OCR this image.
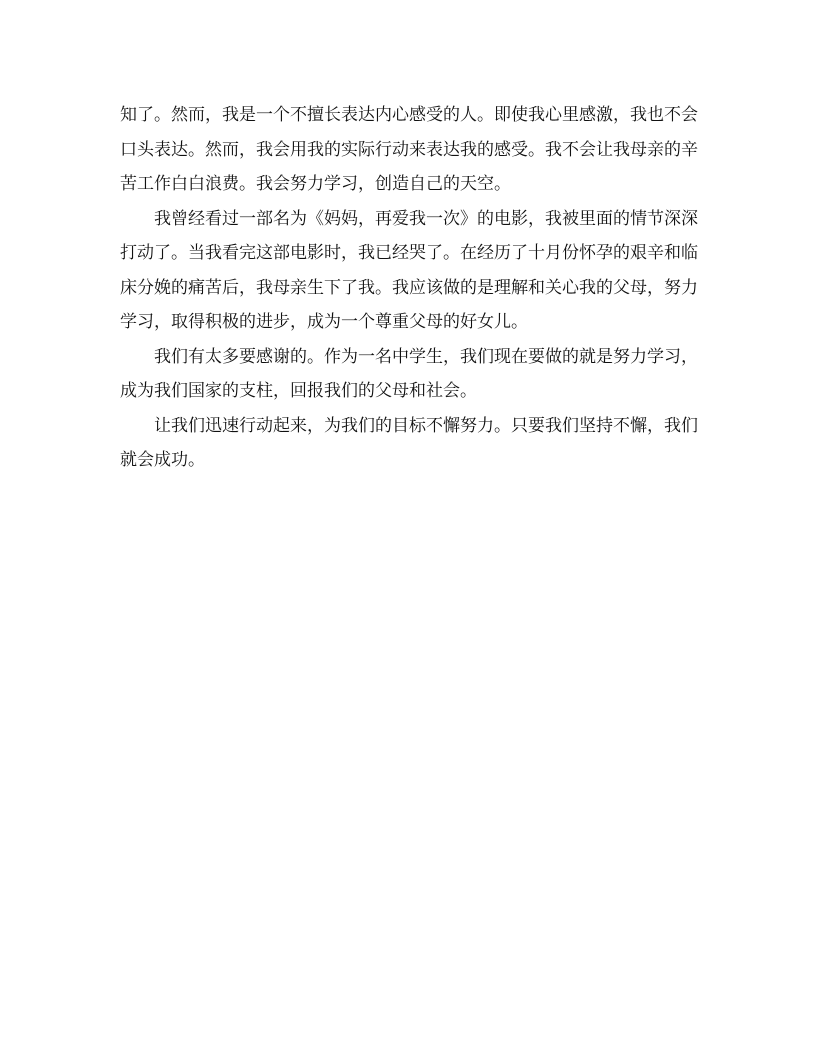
知了。然而，我是一个不擅长表达内心感受的人。即使我心里感激，我也不会口头表达。然而，我会用我的实际行动来表达我的感受。我不会让我母亲的辛苦工作白白浪费。我会努力学习，创造自己的天空。

我曾经看过一部名为《妈妈，再爱我一次》的电影，我被里面的情节深深打动了。当我看完这部电影时，我已经哭了。在经历了十月份怀孕的艰辛和临床分娩的痛苦后，我母亲生下了我。我应该做的是理解和关心我的父母，努力学习，取得积极的进步，成为一个尊重父母的好女儿。

我们有太多要感谢的。作为一名中学生，我们现在要做的就是努力学习，成为我们国家的支柱，回报我们的父母和社会。

让我们迅速行动起来，为我们的目标不懈努力。只要我们坚持不懈，我们就会成功。
